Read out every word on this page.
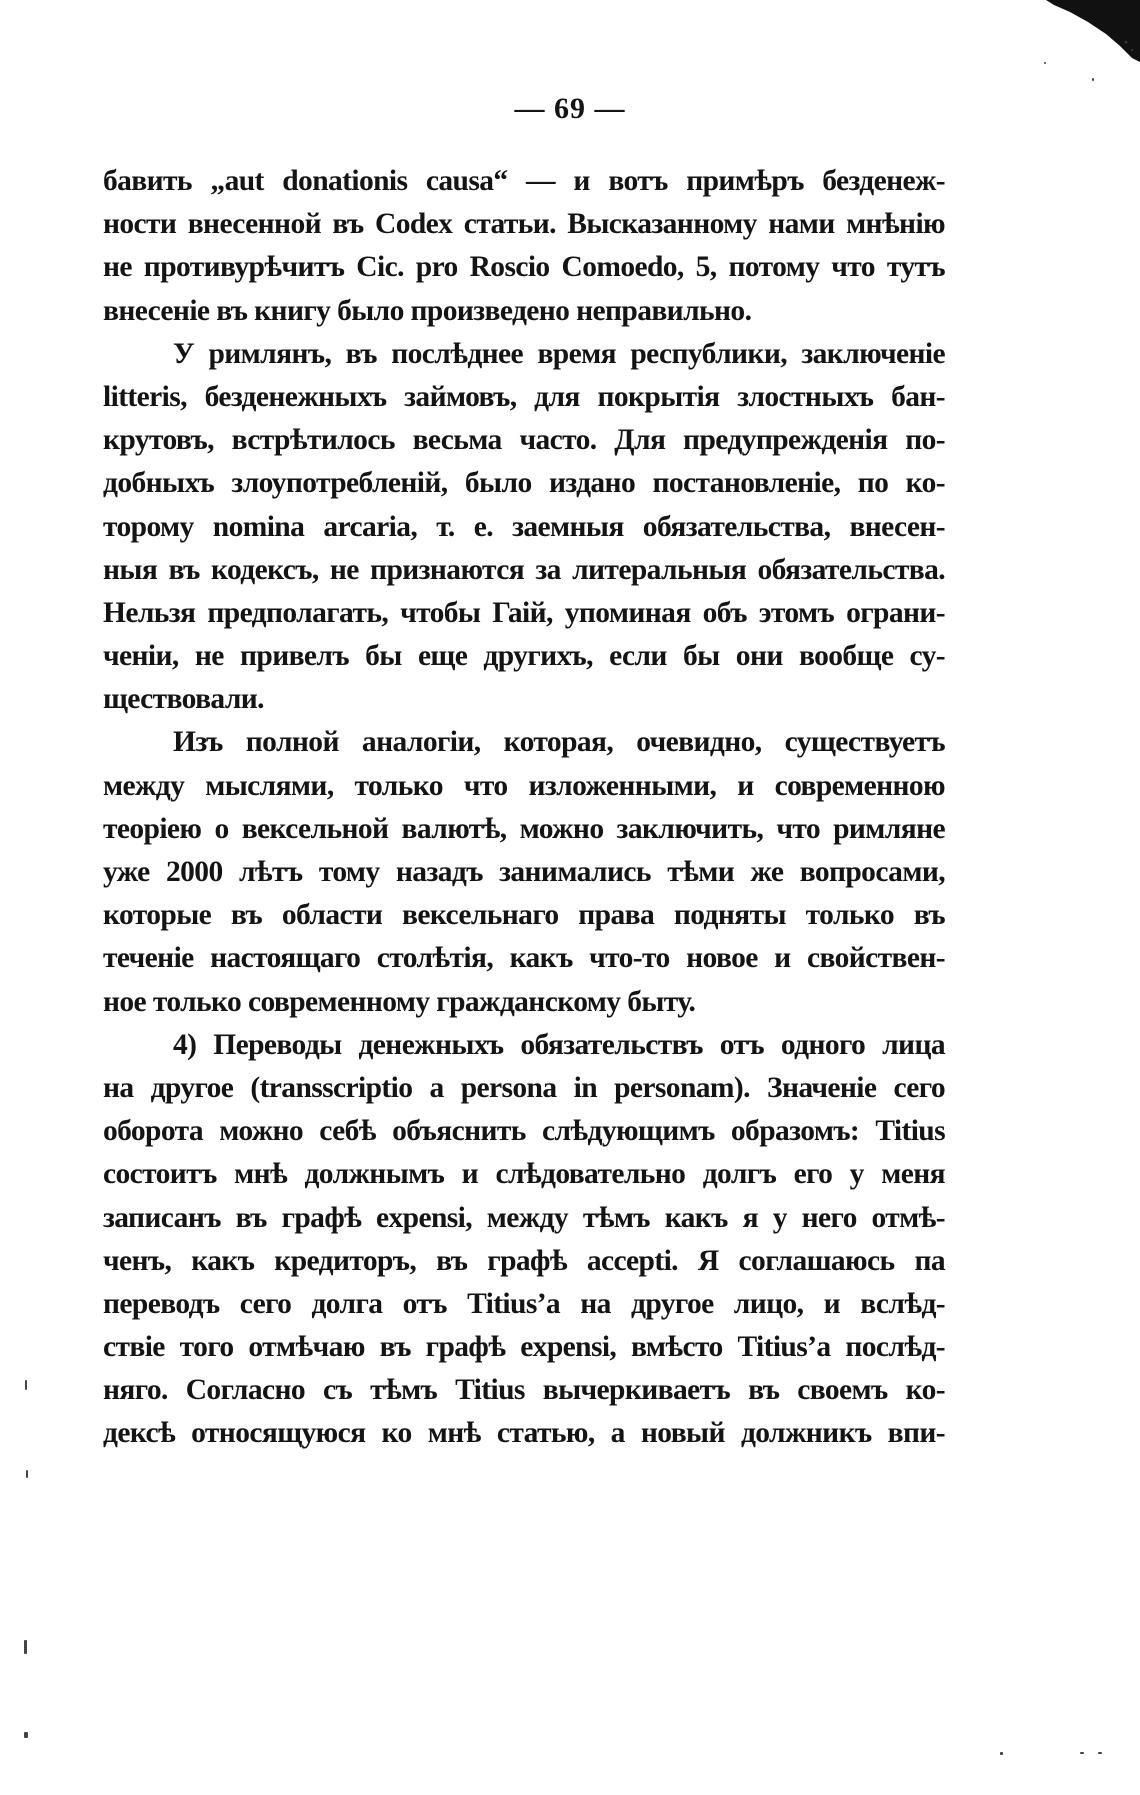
— 69 —
бавить „aut donationis causa“ — и вотъ примѣръ безденеж-
ности внесенной въ Codex статьи. Высказанному нами мнѣнію
не противурѣчитъ Cic. pro Roscio Comoedo, 5, потому что тутъ
внесеніе въ книгу было произведено неправильно.
У римлянъ, въ послѣднее время республики, заключеніе
litteris, безденежныхъ займовъ, для покрытія злостныхъ бан-
крутовъ, встрѣтилось весьма часто. Для предупрежденія по-
добныхъ злоупотребленій, было издано постановленіе, по ко-
торому nomina arcaria, т. е. заемныя обязательства, внесен-
ныя въ кодексъ, не признаются за литеральныя обязательства.
Нельзя предполагать, чтобы Гаій, упоминая объ этомъ ограни-
ченіи, не привелъ бы еще другихъ, если бы они вообще су-
ществовали.
Изъ полной аналогіи, которая, очевидно, существуетъ
между мыслями, только что изложенными, и современною
теоріею о вексельной валютѣ, можно заключить, что римляне
уже 2000 лѣтъ тому назадъ занимались тѣми же вопросами,
которые въ области вексельнаго права подняты только въ
теченіе настоящаго столѣтія, какъ что-то новое и свойствен-
ное только современному гражданскому быту.
4) Переводы денежныхъ обязательствъ отъ одного лица
на другое (transscriptio a persona in personam). Значеніе сего
оборота можно себѣ объяснить слѣдующимъ образомъ: Titius
состоитъ мнѣ должнымъ и слѣдовательно долгъ его у меня
записанъ въ графѣ expensi, между тѣмъ какъ я у него отмѣ-
ченъ, какъ кредиторъ, въ графѣ accepti. Я соглашаюсь па
переводъ сего долга отъ Titius’a на другое лицо, и вслѣд-
ствіе того отмѣчаю въ графѣ expensi, вмѣсто Titius’a послѣд-
няго. Согласно съ тѣмъ Titius вычеркиваетъ въ своемъ ко-
дексѣ относящуюся ко мнѣ статью, а новый должникъ впи-
